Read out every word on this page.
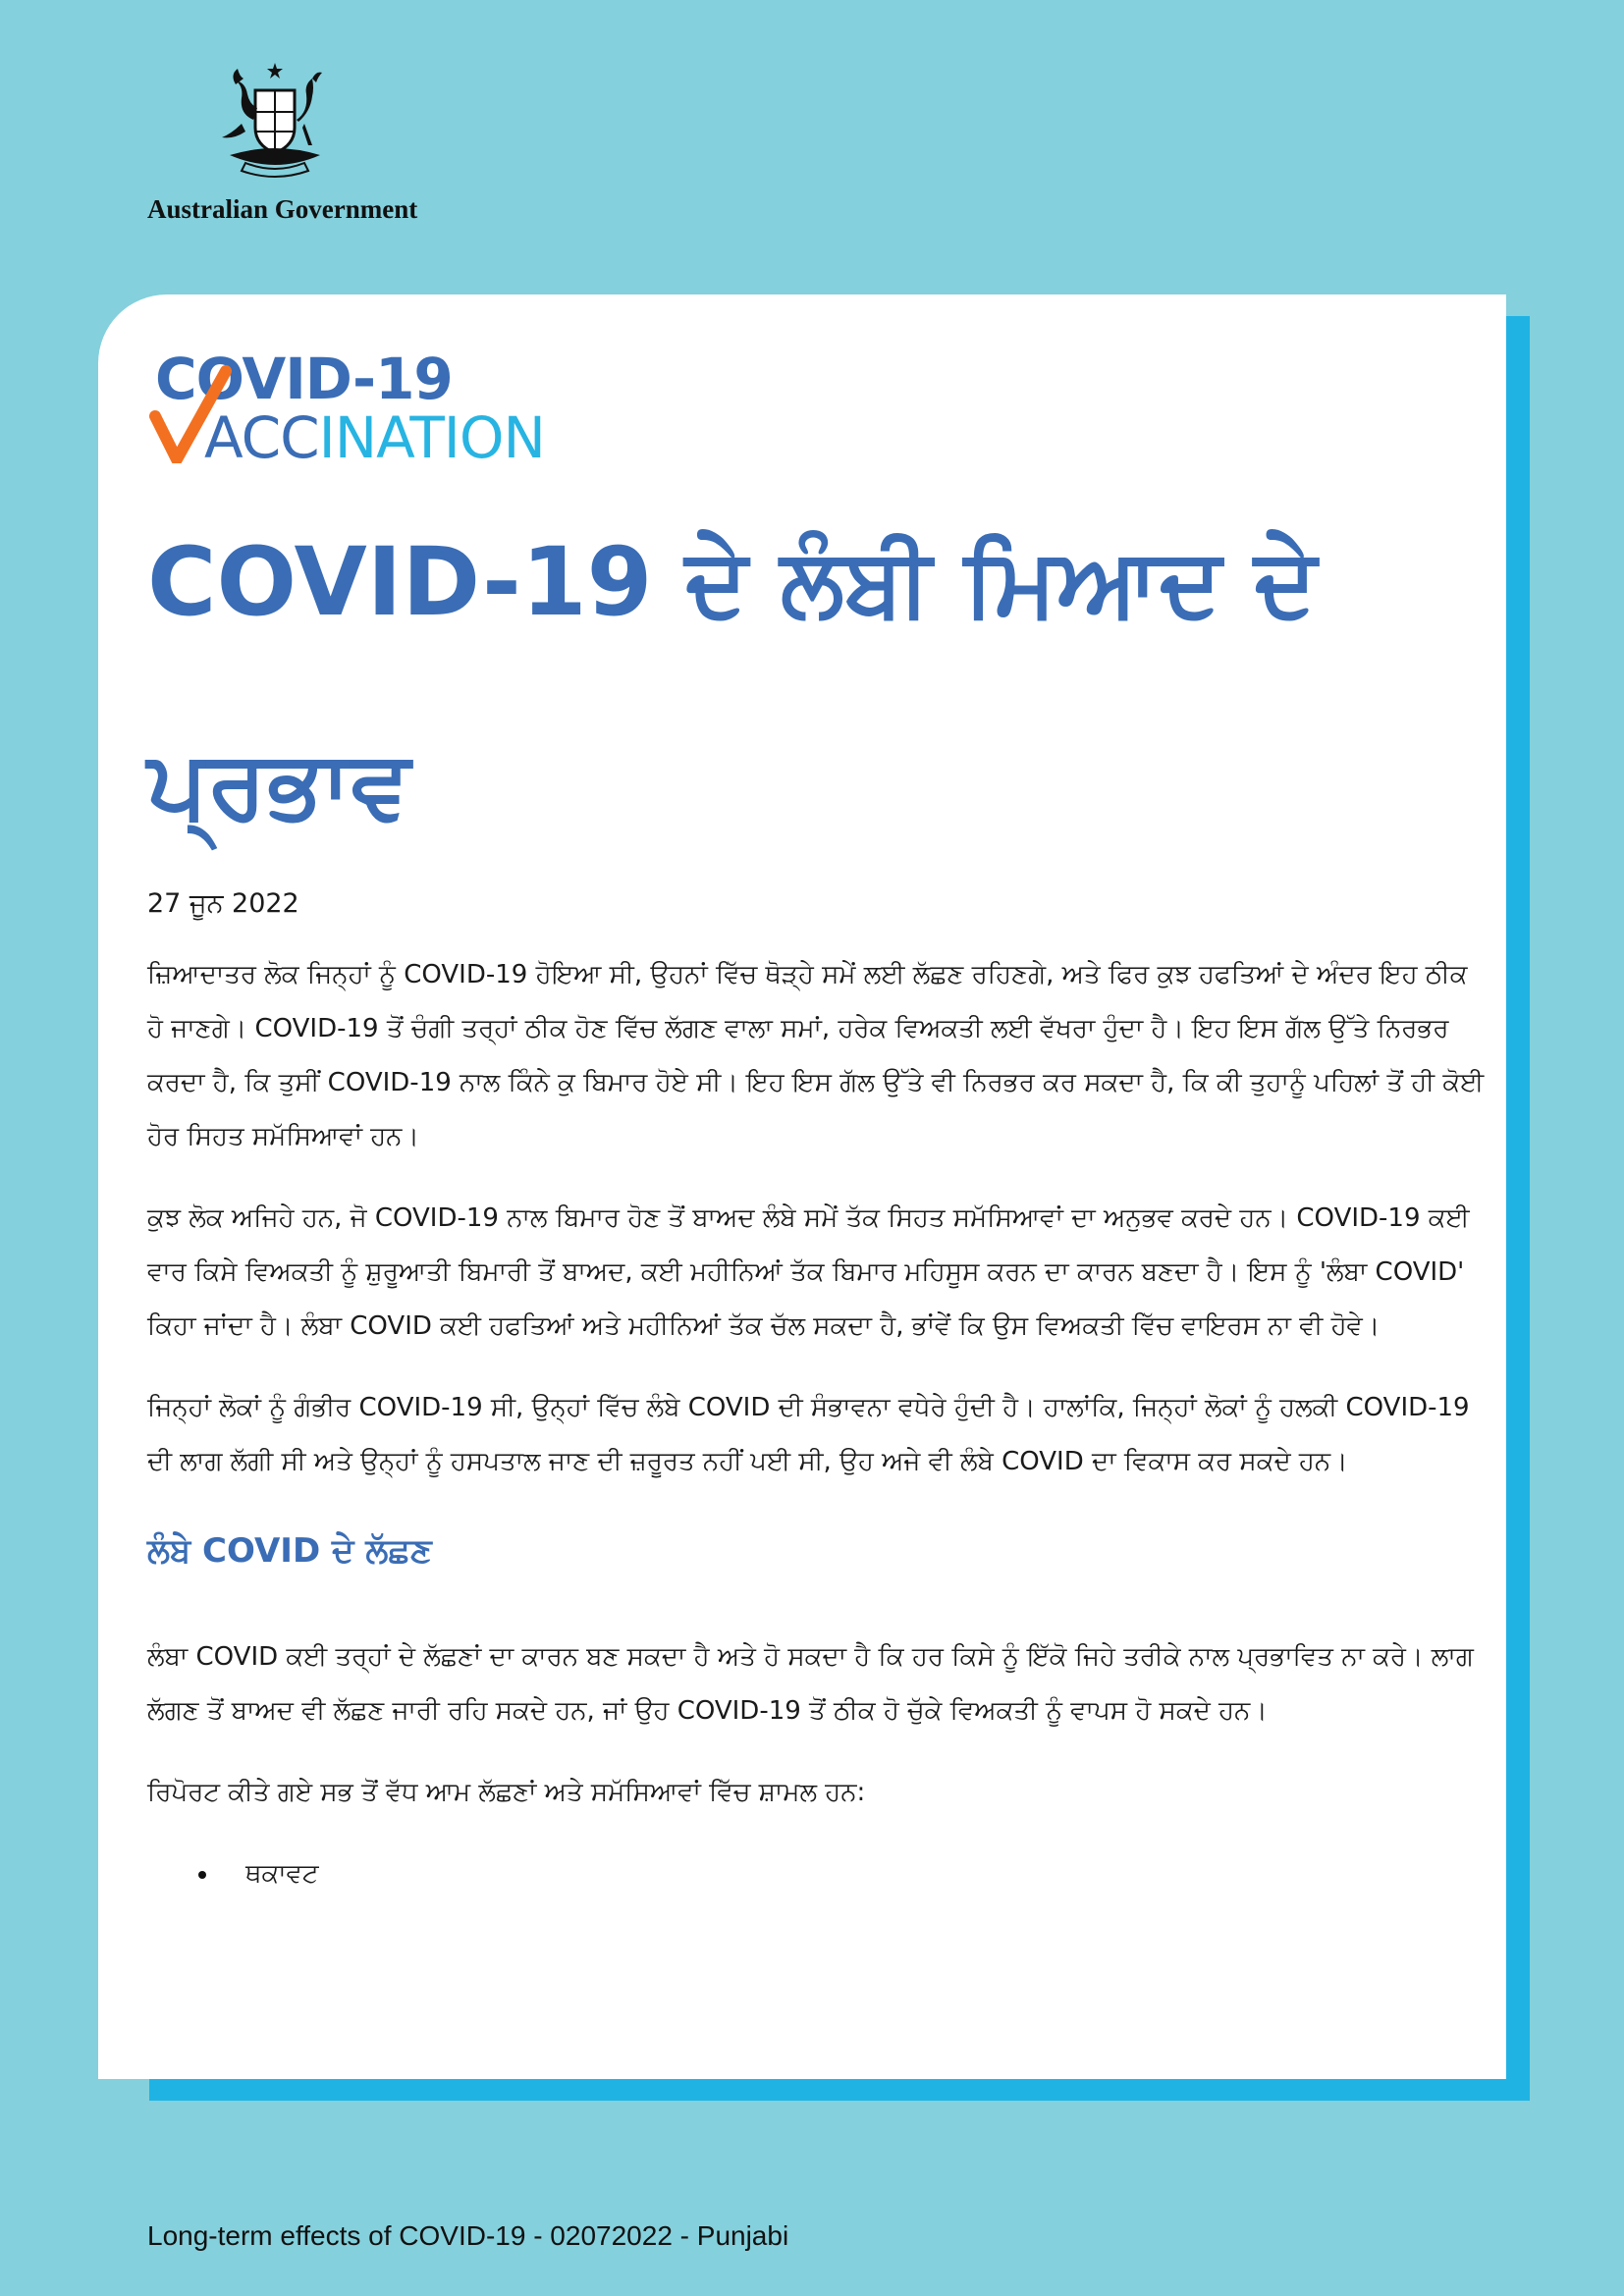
Australian Government
COVID-19
ACCINATION
COVID-19 ਦੇ ਲੰਬੀ ਮਿਆਦ ਦੇ ਪ੍ਰਭਾਵ

27 ਜੂਨ 2022

ਜ਼ਿਆਦਾਤਰ ਲੋਕ ਜਿਨ੍ਹਾਂ ਨੂੰ COVID-19 ਹੋਇਆ ਸੀ, ਉਹਨਾਂ ਵਿੱਚ ਥੋੜ੍ਹੇ ਸਮੇਂ ਲਈ ਲੱਛਣ ਰਹਿਣਗੇ, ਅਤੇ ਫਿਰ ਕੁਝ ਹਫਤਿਆਂ ਦੇ ਅੰਦਰ ਇਹ ਠੀਕ ਹੋ ਜਾਣਗੇ। COVID-19 ਤੋਂ ਚੰਗੀ ਤਰ੍ਹਾਂ ਠੀਕ ਹੋਣ ਵਿੱਚ ਲੱਗਣ ਵਾਲਾ ਸਮਾਂ, ਹਰੇਕ ਵਿਅਕਤੀ ਲਈ ਵੱਖਰਾ ਹੁੰਦਾ ਹੈ। ਇਹ ਇਸ ਗੱਲ ਉੱਤੇ ਨਿਰਭਰ ਕਰਦਾ ਹੈ, ਕਿ ਤੁਸੀਂ COVID-19 ਨਾਲ ਕਿੰਨੇ ਕੁ ਬਿਮਾਰ ਹੋਏ ਸੀ। ਇਹ ਇਸ ਗੱਲ ਉੱਤੇ ਵੀ ਨਿਰਭਰ ਕਰ ਸਕਦਾ ਹੈ, ਕਿ ਕੀ ਤੁਹਾਨੂੰ ਪਹਿਲਾਂ ਤੋਂ ਹੀ ਕੋਈ ਹੋਰ ਸਿਹਤ ਸਮੱਸਿਆਵਾਂ ਹਨ।

ਕੁਝ ਲੋਕ ਅਜਿਹੇ ਹਨ, ਜੋ COVID-19 ਨਾਲ ਬਿਮਾਰ ਹੋਣ ਤੋਂ ਬਾਅਦ ਲੰਬੇ ਸਮੇਂ ਤੱਕ ਸਿਹਤ ਸਮੱਸਿਆਵਾਂ ਦਾ ਅਨੁਭਵ ਕਰਦੇ ਹਨ। COVID-19 ਕਈ ਵਾਰ ਕਿਸੇ ਵਿਅਕਤੀ ਨੂੰ ਸ਼ੁਰੂਆਤੀ ਬਿਮਾਰੀ ਤੋਂ ਬਾਅਦ, ਕਈ ਮਹੀਨਿਆਂ ਤੱਕ ਬਿਮਾਰ ਮਹਿਸੂਸ ਕਰਨ ਦਾ ਕਾਰਨ ਬਣਦਾ ਹੈ। ਇਸ ਨੂੰ 'ਲੰਬਾ COVID' ਕਿਹਾ ਜਾਂਦਾ ਹੈ। ਲੰਬਾ COVID ਕਈ ਹਫਤਿਆਂ ਅਤੇ ਮਹੀਨਿਆਂ ਤੱਕ ਚੱਲ ਸਕਦਾ ਹੈ, ਭਾਂਵੇਂ ਕਿ ਉਸ ਵਿਅਕਤੀ ਵਿੱਚ ਵਾਇਰਸ ਨਾ ਵੀ ਹੋਵੇ।

ਜਿਨ੍ਹਾਂ ਲੋਕਾਂ ਨੂੰ ਗੰਭੀਰ COVID-19 ਸੀ, ਉਨ੍ਹਾਂ ਵਿੱਚ ਲੰਬੇ COVID ਦੀ ਸੰਭਾਵਨਾ ਵਧੇਰੇ ਹੁੰਦੀ ਹੈ। ਹਾਲਾਂਕਿ, ਜਿਨ੍ਹਾਂ ਲੋਕਾਂ ਨੂੰ ਹਲਕੀ COVID-19 ਦੀ ਲਾਗ ਲੱਗੀ ਸੀ ਅਤੇ ਉਨ੍ਹਾਂ ਨੂੰ ਹਸਪਤਾਲ ਜਾਣ ਦੀ ਜ਼ਰੂਰਤ ਨਹੀਂ ਪਈ ਸੀ, ਉਹ ਅਜੇ ਵੀ ਲੰਬੇ COVID ਦਾ ਵਿਕਾਸ ਕਰ ਸਕਦੇ ਹਨ।

ਲੰਬੇ COVID ਦੇ ਲੱਛਣ

ਲੰਬਾ COVID ਕਈ ਤਰ੍ਹਾਂ ਦੇ ਲੱਛਣਾਂ ਦਾ ਕਾਰਨ ਬਣ ਸਕਦਾ ਹੈ ਅਤੇ ਹੋ ਸਕਦਾ ਹੈ ਕਿ ਹਰ ਕਿਸੇ ਨੂੰ ਇੱਕੋ ਜਿਹੇ ਤਰੀਕੇ ਨਾਲ ਪ੍ਰਭਾਵਿਤ ਨਾ ਕਰੇ। ਲਾਗ ਲੱਗਣ ਤੋਂ ਬਾਅਦ ਵੀ ਲੱਛਣ ਜਾਰੀ ਰਹਿ ਸਕਦੇ ਹਨ, ਜਾਂ ਉਹ COVID-19 ਤੋਂ ਠੀਕ ਹੋ ਚੁੱਕੇ ਵਿਅਕਤੀ ਨੂੰ ਵਾਪਸ ਹੋ ਸਕਦੇ ਹਨ।

ਰਿਪੋਰਟ ਕੀਤੇ ਗਏ ਸਭ ਤੋਂ ਵੱਧ ਆਮ ਲੱਛਣਾਂ ਅਤੇ ਸਮੱਸਿਆਵਾਂ ਵਿੱਚ ਸ਼ਾਮਲ ਹਨ:

ਥਕਾਵਟ
Long-term effects of COVID-19 - 02072022 - Punjabi
